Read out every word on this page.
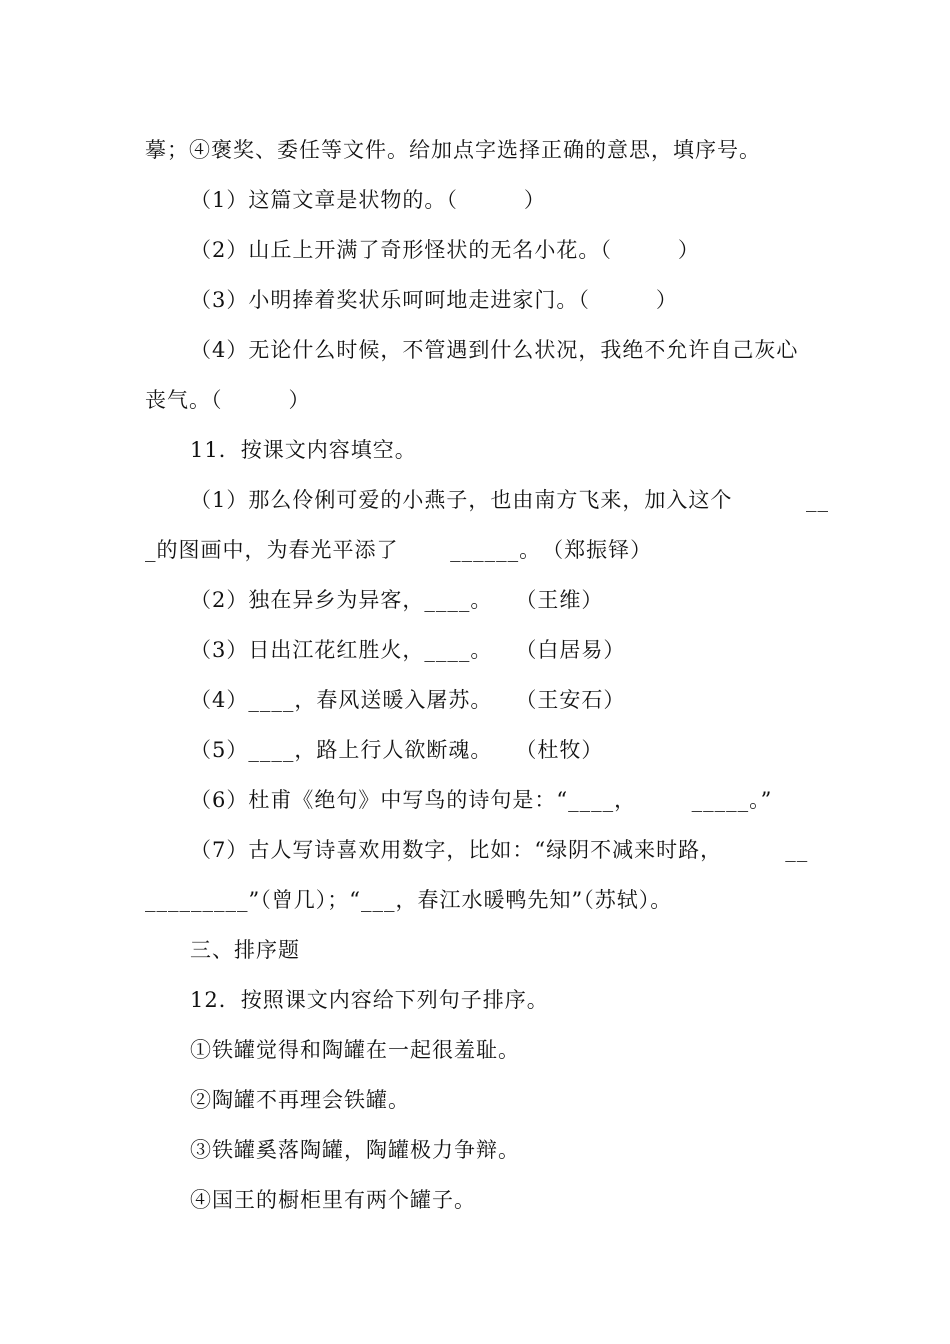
摹；④褒奖、委任等文件。给加点字选择正确的意思，填序号。
（1）这篇文章是状物的。（　　　）
（2）山丘上开满了奇形怪状的无名小花。（　　　）
（3）小明捧着奖状乐呵呵地走进家门。（　　　）
（4）无论什么时候，不管遇到什么状况，我绝不允许自己灰心
丧气。（　　　）
11．按课文内容填空。
（1）那么伶俐可爱的小燕子，也由南方飞来，加入这个　　　 __
_的图画中，为春光平添了　　 ______。　（郑振铎）
（2）独在异乡为异客，____。　　（王维）
（3）日出江花红胜火，____。　　（白居易）
（4）____，春风送暖入屠苏。　　（王安石）
（5）____，路上行人欲断魂。　　（杜牧）
（6）杜甫《绝句》中写鸟的诗句是：“____，　　　_____。”
（7）古人写诗喜欢用数字，比如：“绿阴不减来时路，　　　 __
_________”（曾几）；“___，春江水暖鸭先知”（苏轼）。
三、排序题
12．按照课文内容给下列句子排序。
①铁罐觉得和陶罐在一起很羞耻。
②陶罐不再理会铁罐。
③铁罐奚落陶罐，陶罐极力争辩。
④国王的橱柜里有两个罐子。
